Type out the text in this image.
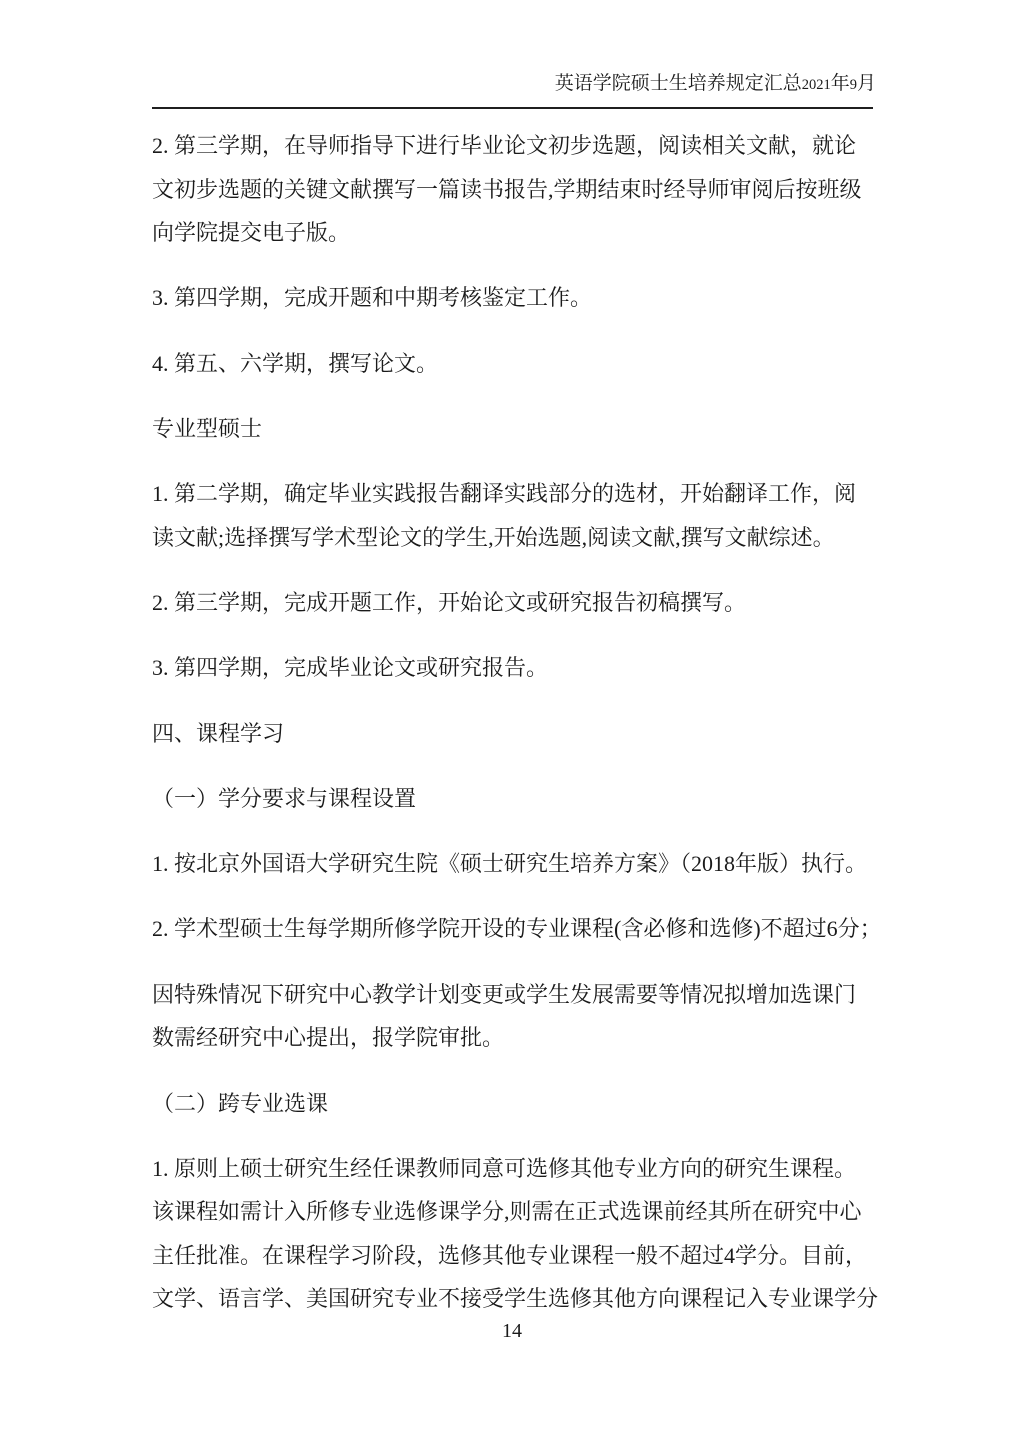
英语学院硕士生培养规定汇总2021年9月
2. 第三学期，在导师指导下进行毕业论文初步选题，阅读相关文献，就论
文初步选题的关键文献撰写一篇读书报告,学期结束时经导师审阅后按班级
向学院提交电子版。
3. 第四学期，完成开题和中期考核鉴定工作。
4. 第五、六学期，撰写论文。
专业型硕士
1. 第二学期，确定毕业实践报告翻译实践部分的选材，开始翻译工作，阅
读文献;选择撰写学术型论文的学生,开始选题,阅读文献,撰写文献综述。
2. 第三学期，完成开题工作，开始论文或研究报告初稿撰写。
3. 第四学期，完成毕业论文或研究报告。
四、课程学习
（一）学分要求与课程设置
1. 按北京外国语大学研究生院《硕士研究生培养方案》（2018年版）执行。
2. 学术型硕士生每学期所修学院开设的专业课程(含必修和选修)不超过6分；
因特殊情况下研究中心教学计划变更或学生发展需要等情况拟增加选课门
数需经研究中心提出，报学院审批。
（二）跨专业选课
1. 原则上硕士研究生经任课教师同意可选修其他专业方向的研究生课程。
该课程如需计入所修专业选修课学分,则需在正式选课前经其所在研究中心
主任批准。在课程学习阶段，选修其他专业课程一般不超过4学分。目前，
文学、语言学、美国研究专业不接受学生选修其他方向课程记入专业课学分
14
